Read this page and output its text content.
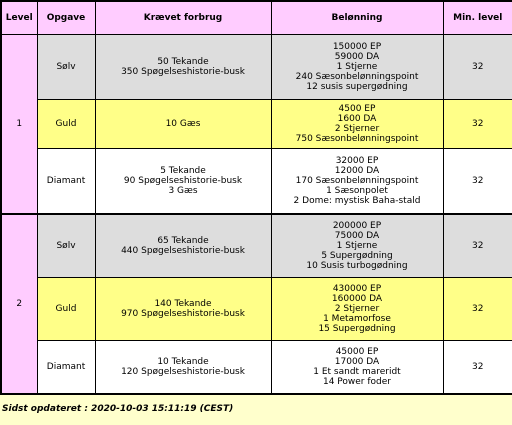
Level	Opgave	Krævet forbrug	Belønning	Min. level
1	Sølv	50 Tekande
350 Spøgelseshistorie-busk	150000 EP
59000 DA
1 Stjerne
240 Sæsonbelønningspoint
12 susis supergødning	32
	Guld	10 Gæs	4500 EP
1600 DA
2 Stjerner
750 Sæsonbelønningspoint	32
	Diamant	5 Tekande
90 Spøgelseshistorie-busk
3 Gæs	32000 EP
12000 DA
170 Sæsonbelønningspoint
1 Sæsonpolet
2 Dome: mystisk Baha-stald	32
2	Sølv	65 Tekande
440 Spøgelseshistorie-busk	200000 EP
75000 DA
1 Stjerne
5 Supergødning
10 Susis turbogødning	32
	Guld	140 Tekande
970 Spøgelseshistorie-busk	430000 EP
160000 DA
2 Stjerner
1 Metamorfose
15 Supergødning	32
	Diamant	10 Tekande
120 Spøgelseshistorie-busk	45000 EP
17000 DA
1 Et sandt mareridt
14 Power foder	32
Sidst opdateret : 2020-10-03 15:11:19 (CEST)
